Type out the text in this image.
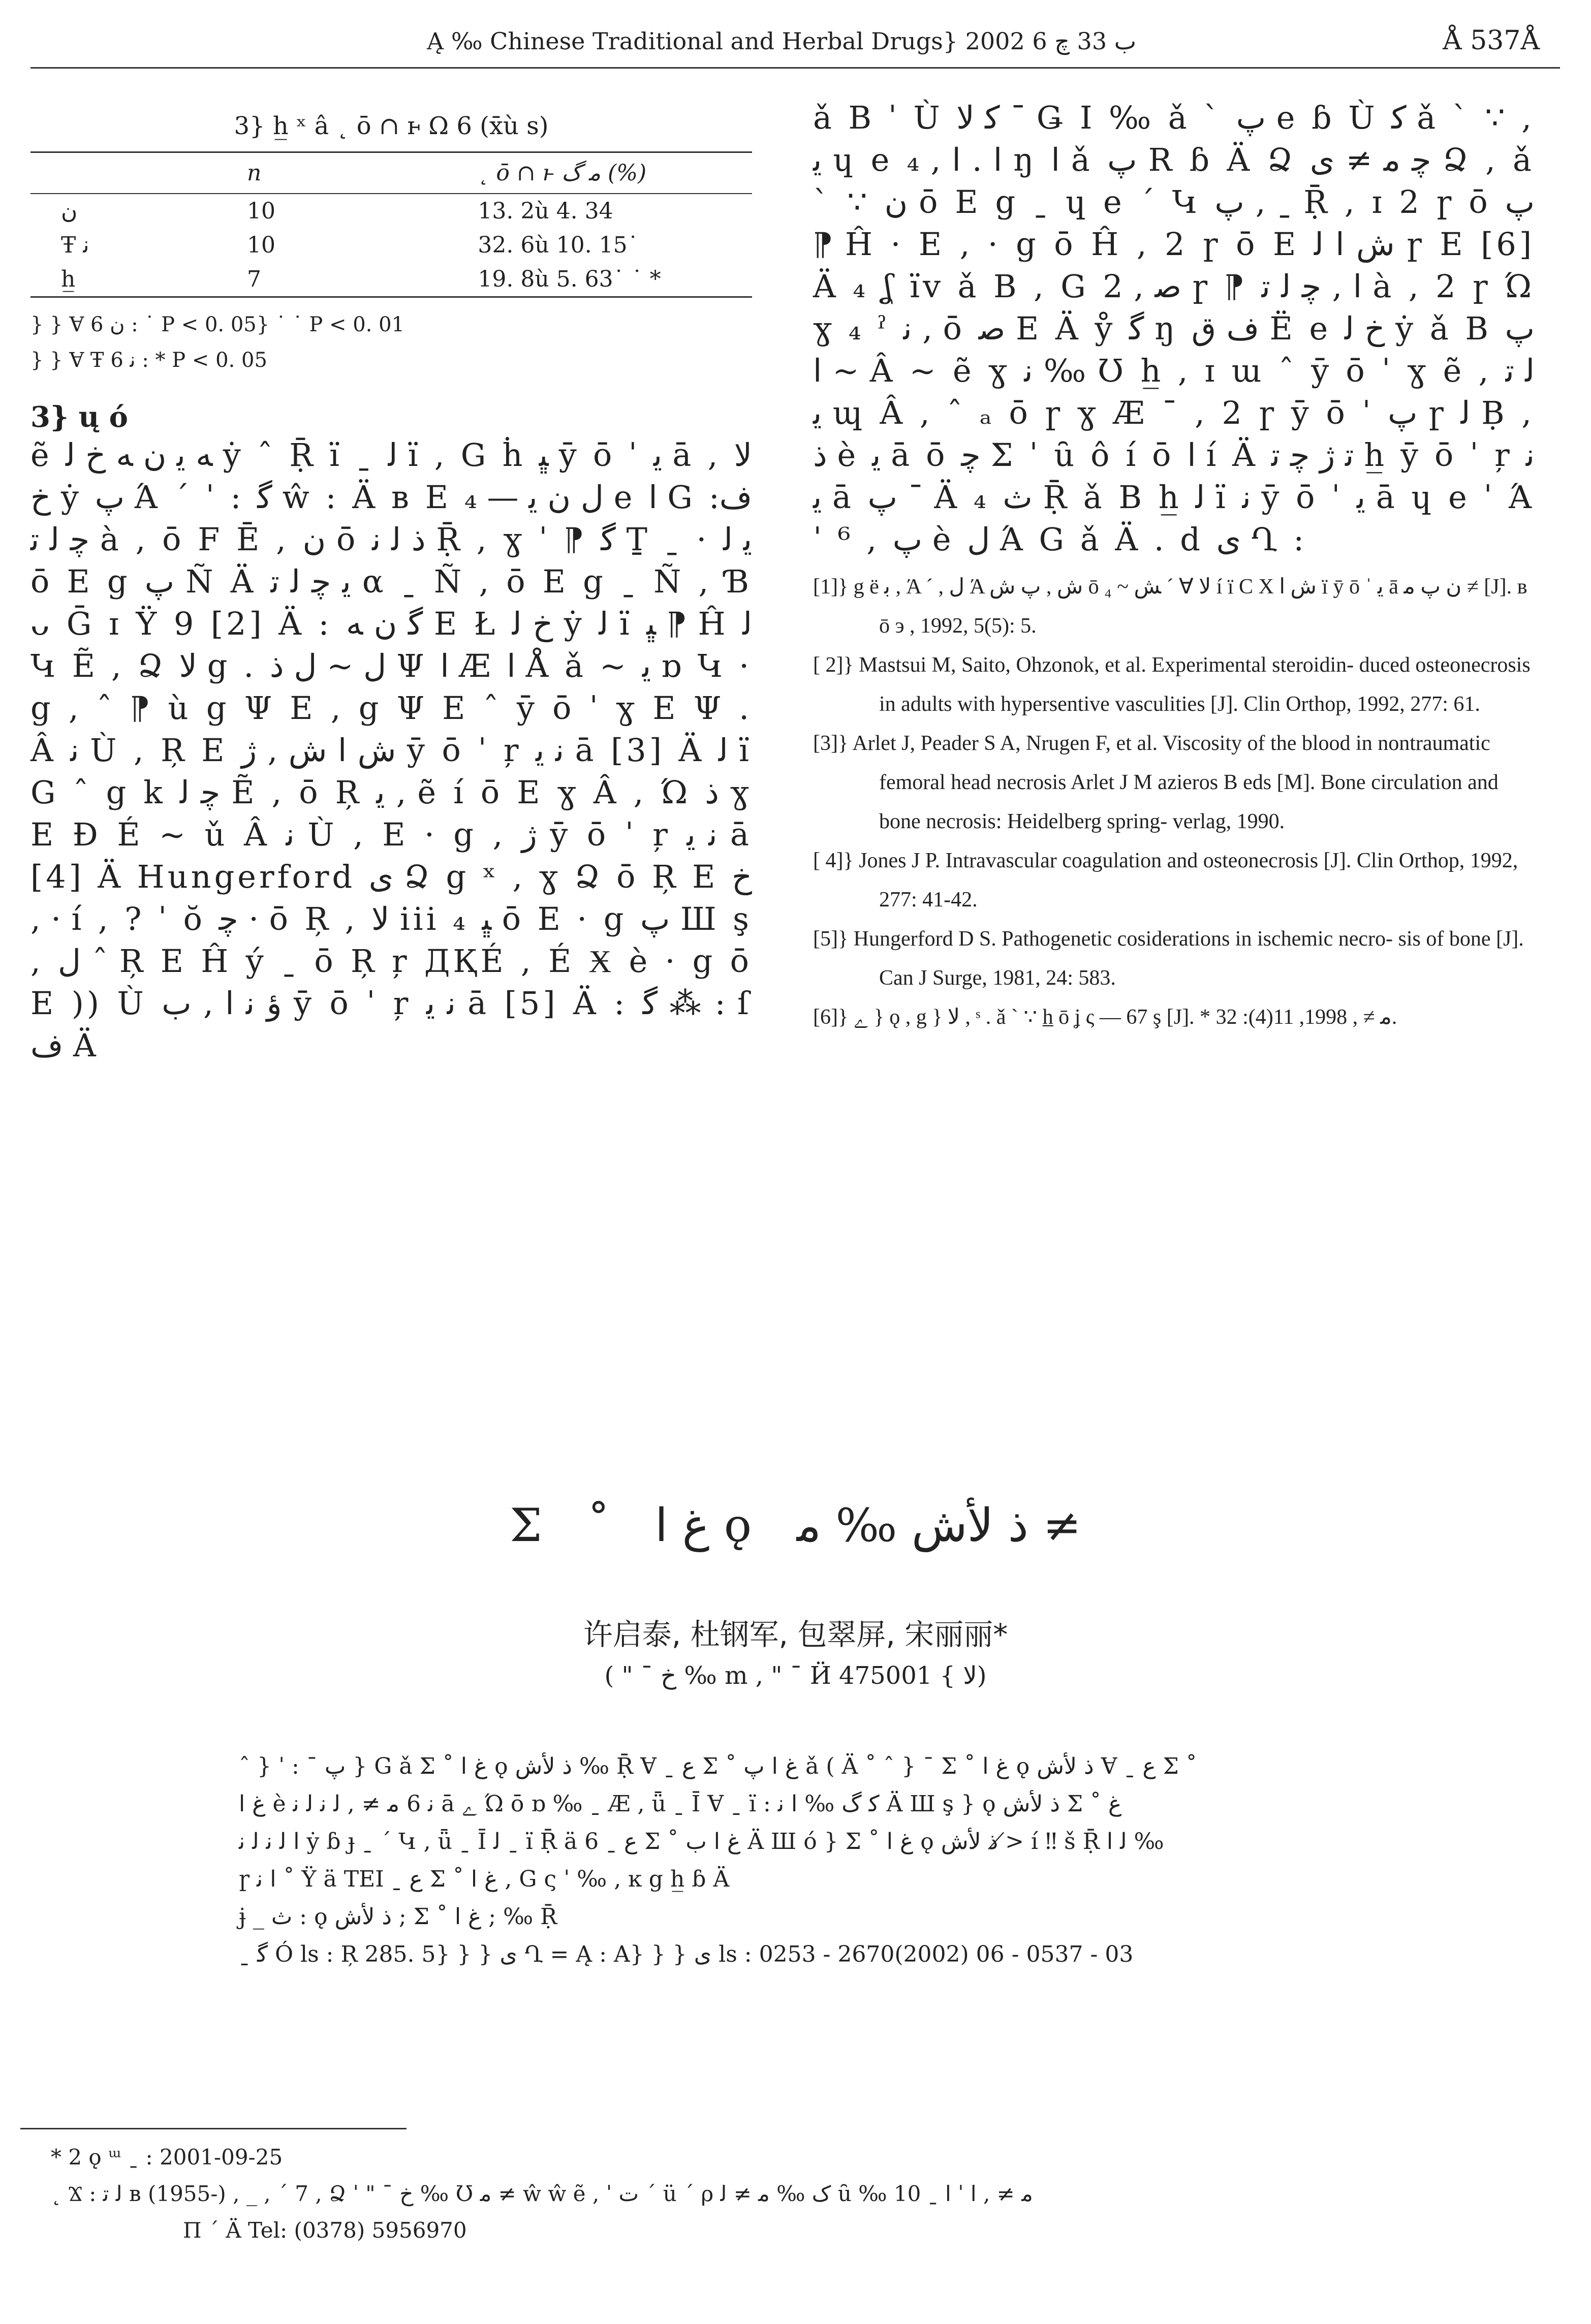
Ą ‰ Chinese Traditional and Herbal Drugs} 2002 ب 33 ﭺ 6	Å 537Å
3} h̲ ˣ â ˛ ō ∩ ⱶ Ω 6 (x̄ù s)
	n	˛ ō ∩ ⱶ ﻣ ﮒ (%)
ن	10	13. 2ù 4. 34
Ŧ ﻧ	10	32. 6ù 10. 15˙
h̲	7	19. 8ù 5. 63˙ ˙ *
} } Ɐ ن 6 : ˙ P < 0. 05} ˙ ˙ P < 0. 01
} } Ɐ Ŧ ﻧ 6 : * P < 0. 05
3} ų ó

ẽ ﻪ ﯾ ن ﻪ ﺥ ﻟ ẏ ˆ Ṝ ï ˍ ﻟ ï , G ḣ ﭝ ȳ ō ˈ ﯾ ā , ﻻ ﺥ ẏ ﭖ Ά ˊ ˈ : ﮔ ŵ : Ä ʙ E ﻝ ن ﯾ — ₄ e ﺍ G ﻑ: ﭼ ﻟ ﺗ à , ō F Ē , ﻥ ō ﺫ ﻟ ﻧ Ṝ , ɣ ˈ ⁋ ﮔ Ṯ ˍ · ﯾ ﻟ ō E g ﭖ Ñ Ä ﯾ ﭼ ﻟ ﺗ α ˍ Ñ , ō E g ˍ Ñ , Ɓ ᴗ Ḡ ɪ Ÿ 9 [2] Ä : ﮔ ن ﻪ E Ł ﺥ ﻟ ẏ ﻟ ï ﭝ ⁋ Ĥ ﻟ Կ Ẽ , Ձ ﻻ g . ﻝ ~ ﻝ ﺫ Ψ ﺍ Æ ﺍ Å ǎ ~ ﯾ ɒ Կ · g , ˆ ⁋ ù g Ψ E , g Ψ E ˆ ȳ ō ˈ ɣ E Ψ . Â ﻧ Ù , Ŗ E ﺵ ﺍ ﺵ , ﮊ ȳ ō ˈ ŗ ﻧ ﯾ ā [3] Ä ﻟ ï G ˆ g k ﭼ ﻟ Ẽ , ō Ŗ ﯾ , ẽ í ō E ɣ Â , Ώ ﺫ ɣ E Ɖ É ~ ǔ Â ﻧ Ù , E · g , ﮊ ȳ ō ˈ ŗ ﻧ ﯾ ā [4] Ä Hungerford ﯼ Ձ g ˣ , ɣ Ձ ō Ŗ E ﺥ , · í , ? ˈ ŏ ﭼ · ō Ŗ , ﻻ iii ₄ ﭝ ō E · g ﭖ Ш ş , ﻝ ˆ Ŗ E Ĥ ý ˍ ō Ŗ ŗ ДҚÉ , É Ӿ è · g ō E )) Ù ﺅ ﻧ ﺍ , ﺏ ȳ ō ˈ ŗ ﻧ ﯾ ā [5] Ä : ﮔ ⁂ : ſ ﻑ Ä

ǎ B ˈ Ù ﮐ ﻻ ˉ Ǥ Ι ‰ ǎ ˋ ﭖ e ɓ Ù ﮐ ǎ ˋ ∵ , ﯾ ɥ e ﺍ . ﺍ , ₄ ŋ ﺍ ǎ ﭖ R ɓ Ä Ձ ﭼ ﻣ ≠ ﯼ Ձ , ǎ ˋ ∵ ﻥ ō E g ˍ ɥ e ´ Կ ﭖ , ˍ Ṝ , ɪ 2 ɼ ō ﭖ ⁋ Ĥ · E , · g ō Ĥ , 2 ɼ ō E ﺵ ﺍ ﻟ ɼ E [6] Ä ₄ ʆ ïv ǎ B , G ﺻ , 2 ɼ ⁋ ﺍ , ﭼ ﻟ ﺗ à , 2 ɼ Ώ ɣ ₄ ˀ ﻧ , ō ﺻ E Ä ẙ ﮔ ŋ ﻑ ﻕ Ë e ﺥ ﻟ ẏ ǎ B ﭖ ﺍ ~ Â ~ ẽ ɣ ﻧ ‰ Ʊ h̲ , ɪ ɯ ˆ ȳ ō ˈ ɣ ẽ , ﻟ ﺗ ﯾ ɰ Â , ˆ ₐ ō ɼ ɣ Æ ˉ , 2 ɼ ȳ ō ˈ ﭖ ɼ ﻟ Ḅ , ﺫ è ﯾ ā ō ﭼ Σ ˈ ȗ ô í ō ﺍ í Ä ﺗ ﮊ ﭼ ﺗ h̲ ȳ ō ˈ ŗ ﻧ ﯾ ā ﭖ ˉ Ä ₄ ﺙ Ṝ ǎ B h̲ ﻟ ï ﻧ ȳ ō ˈ ﯾ ā ɥ e ˈ Ά ˈ ⁶ , ﭖ è ﻝ Ά G ǎ Ä . d ﯼ Ղ :

[1]} g ë ﺑ , Ά ˊ , ﻝ Ά ﺵ , ﭖ ﺵ ō ₄ ~ ﺶ ´ Ɐ ﻻ í ï C X ﺵ ﺍ ï ȳ ō ˈ ﯾ ā ﻥ ﭖ ﻣ ≠ [J]. ʙ ō э , 1992, 5(5): 5.
[ 2]} Mastsui M, Saito, Ohzonok, et al. Experimental steroidin- duced osteonecrosis in adults with hypersentive vasculities [J]. Clin Orthop, 1992, 277: 61.
[3]} Arlet J, Peader S A, Nrugen F, et al. Viscosity of the blood in nontraumatic femoral head necrosis Arlet J M azieros B eds [M]. Bone circulation and bone necrosis: Heidelberg spring- verlag, 1990.
[ 4]} Jones J P. Intravascular coagulation and osteonecrosis [J]. Clin Orthop, 1992, 277: 41-42.
[5]} Hungerford D S. Pathogenetic cosiderations in ischemic necro- sis of bone [J]. Can J Surge, 1981, 24: 583.
[6]} ﮮ } ǫ , g } ﻻ , ˢ . ǎ ˋ ∵ h̲ ō ʝ ς — 67 ş [J]. * ﻣ ≠ , 1998, 11(4): 32.
Σ ˚ ﻍ ﺍ ǫ ﺫ ﻷﺵ ‰ ﻣ ≠
许启泰, 杜钢军, 包翠屏, 宋丽丽*
( " ˉ ﺥ ‰ m , " ˉ Ӥ ﻻ } 475001)

ˆ } ˈ : ˉ ﭖ } G ǎ Σ ˚ ﻍ ﺍ ǫ ﺫ ﻷﺵ ‰ Ṝ Ɐ ˍ ﻉ Σ ˚ ﻍ ﺍ ﭖ ǎ ( Ä ˚ ˆ } ˉ Σ ˚ ﻍ ﺍ ǫ ﺫ ﻷﺵ Ɐ ˍ ﻉ Σ ˚

ﻍ ﺍ è ﻧ 6 ﻣ ≠ , ﻟ ﻧ ﻟ ﻧ ā ﮮ Ώ ō ɒ ‰ ˍ Æ , ǖ ˍ Ī Ɐ ˍ ï : ﮐ ﮒ ‰ ﺍ ﻧ Ä Ш ş } ǫ ﺫ ﻷﺵ Σ ˚ ﻍ

ﺍ ﻟ ﻧ ﻟ ﻧ ẏ ɓ ɟ ˍ ´ Կ , ǖ ˍ Ī ﻟ ˍ ï Ṝ ä 6 ˍ ﻉ Σ ˚ ﻍ ﺍ ﺏ Ä Ш ó } Σ ˚ ﻍ ﺍ ǫ ﺫ ﻷﺵ ≯ í ‼ š Ṝ ﻟ ﺍ ‰

ɼ ﺍ ﻧ ˚ Ÿ ä TEI ˍ ﻉ Σ ˚ ﻍ ﺍ , G ς ˈ ‰ , ĸ g h̲ ɓ Ä

ɉ _ ﺙ : ǫ ﺫ ﻷﺵ ; Σ ˚ ﻍ ﺍ ; ‰ Ṝ

ˍ ﮔ Ó ls : Ŗ 285. 5} } } ﯼ Ղ = Ą : A} } } ﯼ ls : 0253 - 2670(2002) 06 - 0537 - 03

* 2 ǫ ᵚ ˍ : 2001-09-25

˛ Ϫ : ﻟ ﺗ ʙ (1955-) , _ , ´ 7 , Ձ ˈ " ˉ ﺥ ‰ Ʊ ﻣ ≠ ŵ ŵ ẽ , ˈ ﺕ ˊ ü ˊ ρ ک ‰ ﻣ ≠ ﻟ ȗ ‰ ﻣ ≠ , ﺍ ˈ ﺍ ˍ 10

Π ´ Ä Tel: (0378) 5956970
